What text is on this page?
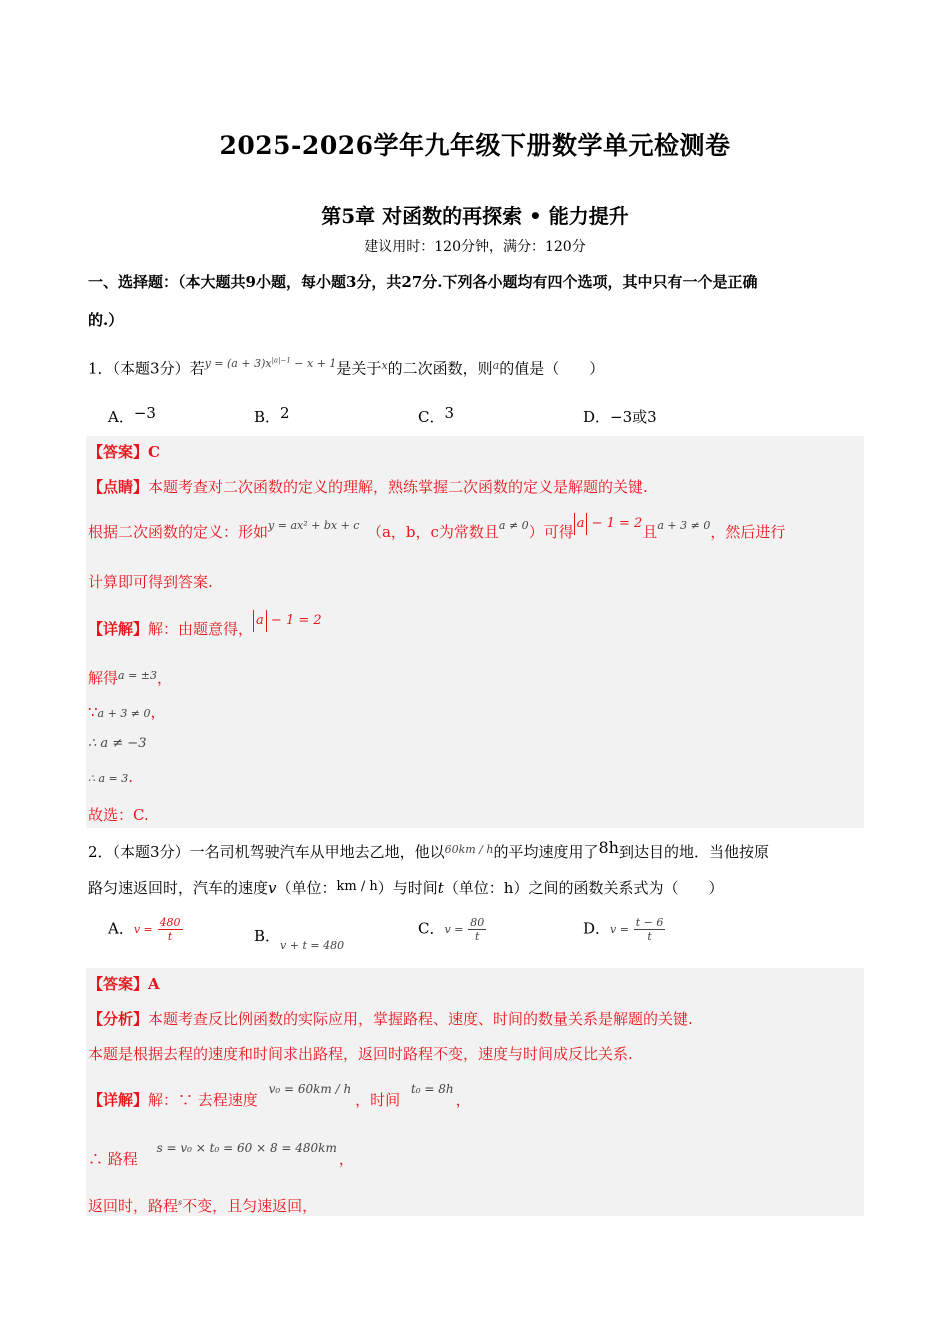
2025-2026学年九年级下册数学单元检测卷
第5章 对函数的再探索 • 能力提升
建议用时：120分钟，满分：120分
一、选择题：（本大题共9小题，每小题3分，共27分.下列各小题均有四个选项，其中只有一个是正确
的.）
1．（本题3分）若$^{y = (a + 3)x^{|a|-1} - x + 1}$是关于$^x$的二次函数，则$^a$的值是（　　）
A．−3	B．2	C．3	D．−3或3
【答案】C
【点睛】本题考查对二次函数的定义的理解，熟练掌握二次函数的定义是解题的关键.
根据二次函数的定义：形如$^{y = ax^2 + bx + c}$　 （a，b，c为常数且$^{a \ne 0}$）可得 a − 1 = 2且$^{a + 3 \ne 0}$，然后进行
计算即可得到答案.
【详解】解：由题意得， a − 1 = 2
解得$^{a = \pm 3}$，
∵a + 3 ≠ 0，
∴ a ≠ −3
∴ a = 3.
故选：C.
2．（本题3分）一名司机驾驶汽车从甲地去乙地，他以$^{60km / h}$的平均速度用了8h到达目的地．当他按原
路匀速返回时，汽车的速度v（单位：km / h）与时间t（单位：h）之间的函数关系式为（　　）
A．$v = \frac{480}{t}$	B．$_{v + t = 480}$
C．$v = \frac{80}{t}$	D．$v = \frac{t - 6}{t}$
【答案】A
【分析】本题考查反比例函数的实际应用，掌握路程、速度、时间的数量关系是解题的关键.
本题是根据去程的速度和时间求出路程，返回时路程不变，速度与时间成反比关系.
【详解】解：∵ 去程速度 $^{v_0 = 60km / h}$，时间 $^{t_0 = 8h}$，
∴ 路程 $^{s = v_0 \times t_0 = 60 \times 8 = 480km}$，
返回时，路程$^s$不变，且匀速返回，
